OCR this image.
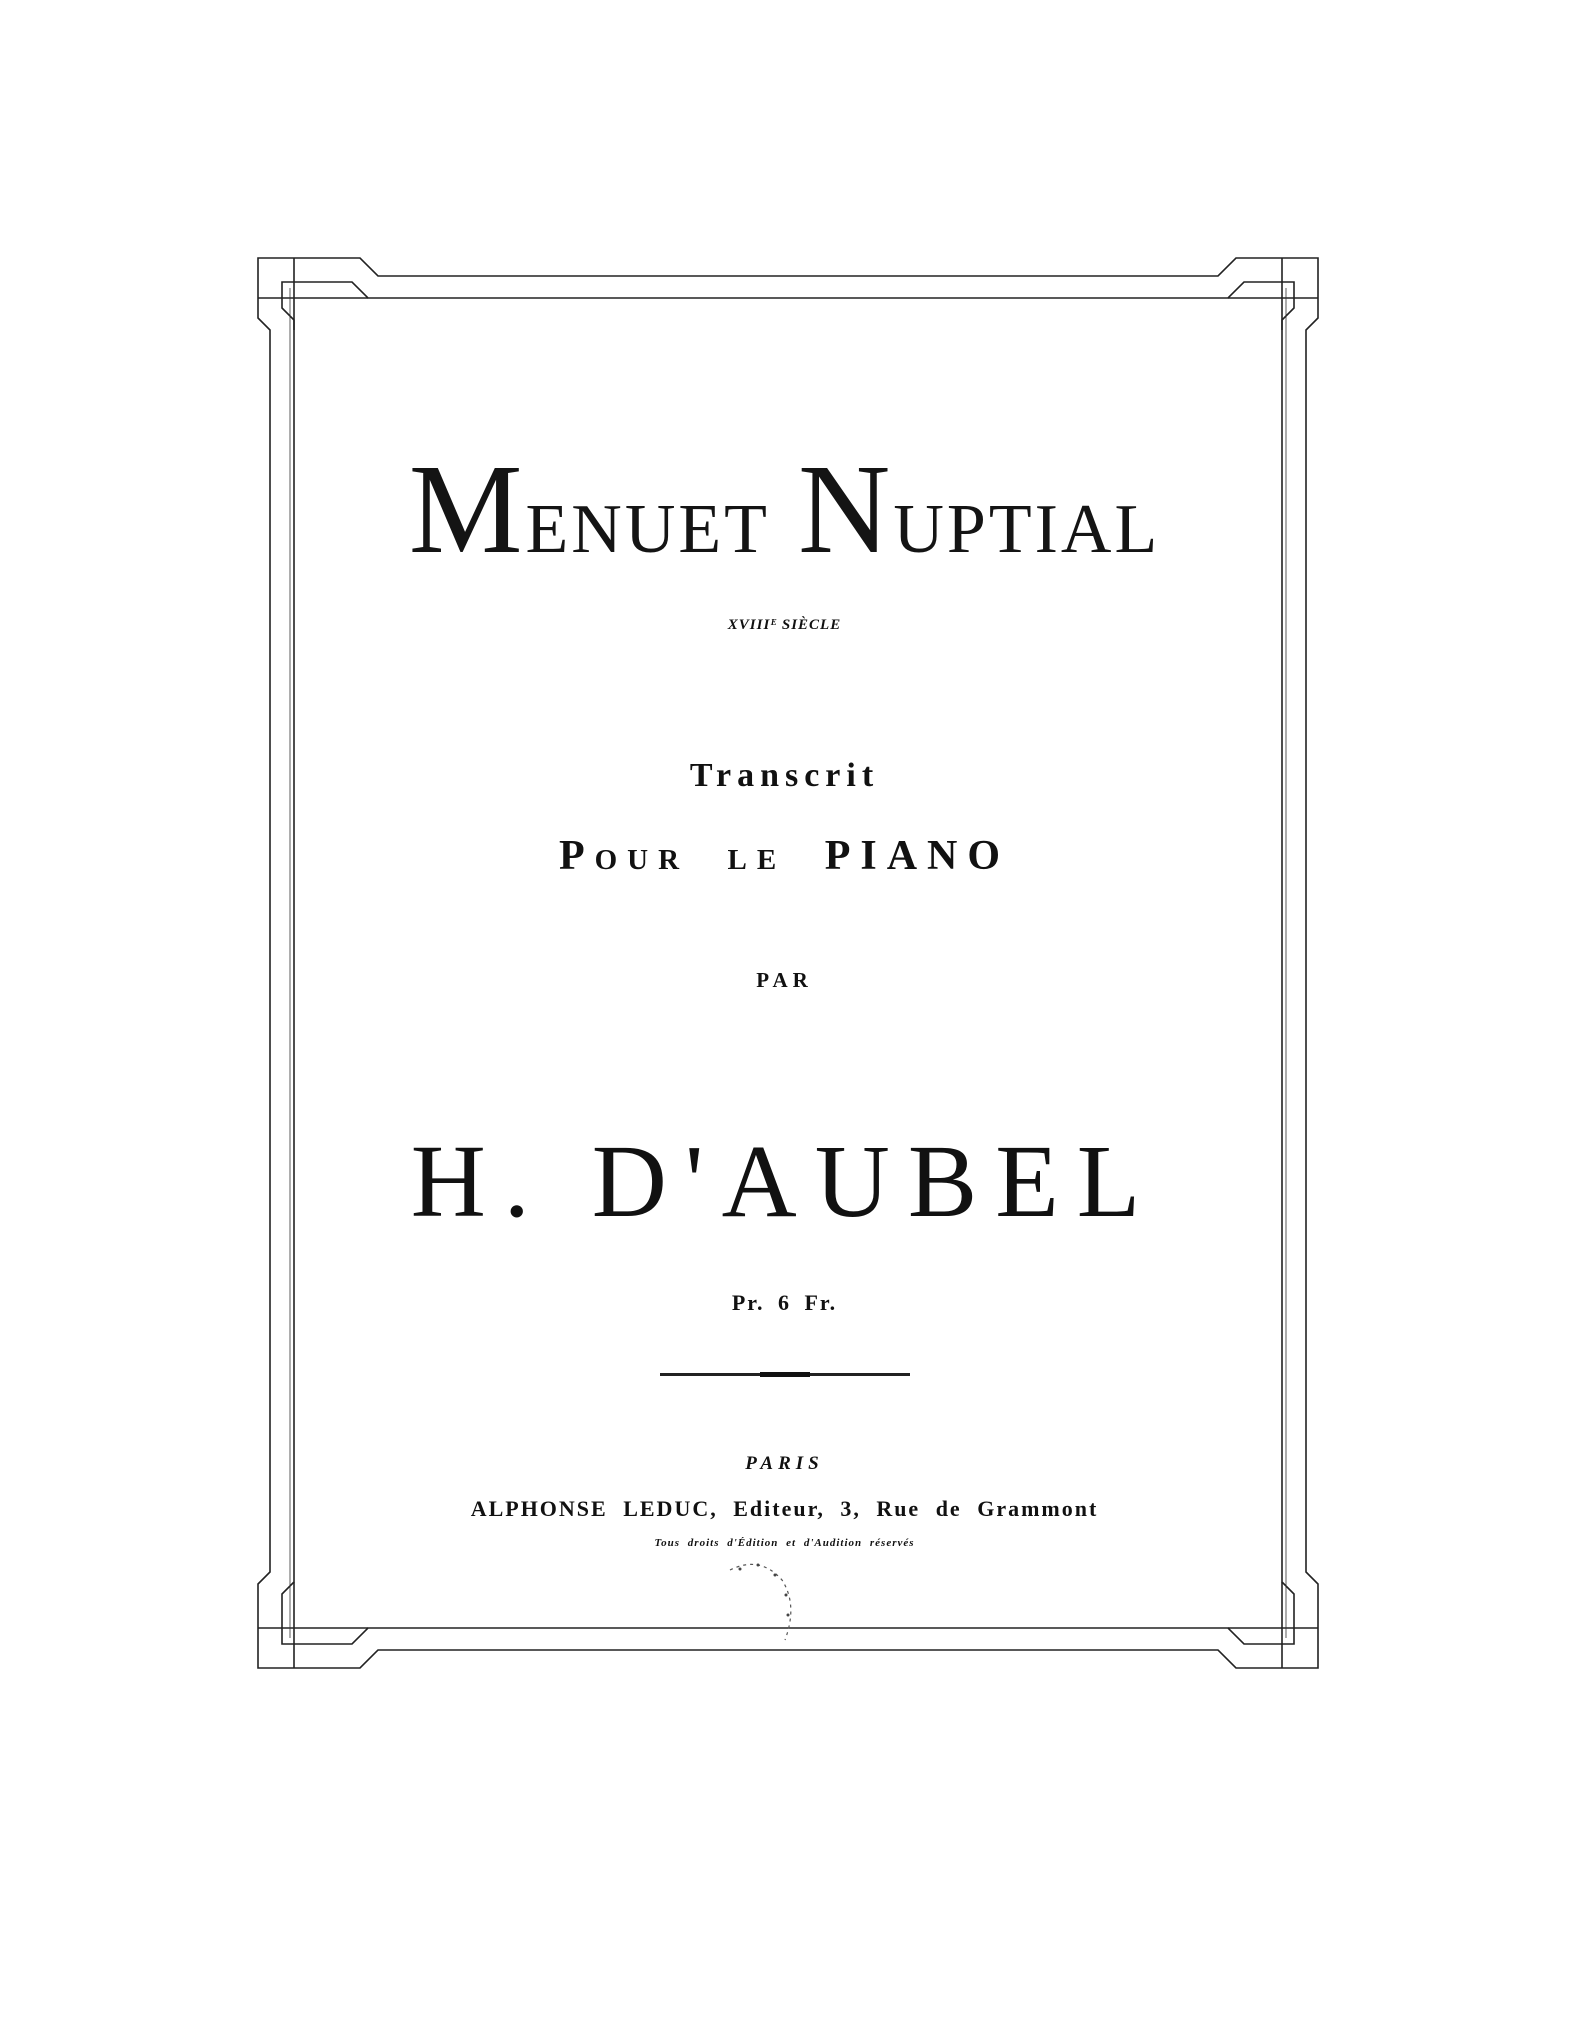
Menuet Nuptial
XVIIIᴱ SIÈCLE
Transcrit
Pour le PIANO
PAR
H. D'AUBEL
Pr. 6 Fr.
PARIS
ALPHONSE LEDUC, Editeur, 3, Rue de Grammont
Tous droits d'Édition et d'Audition réservés
